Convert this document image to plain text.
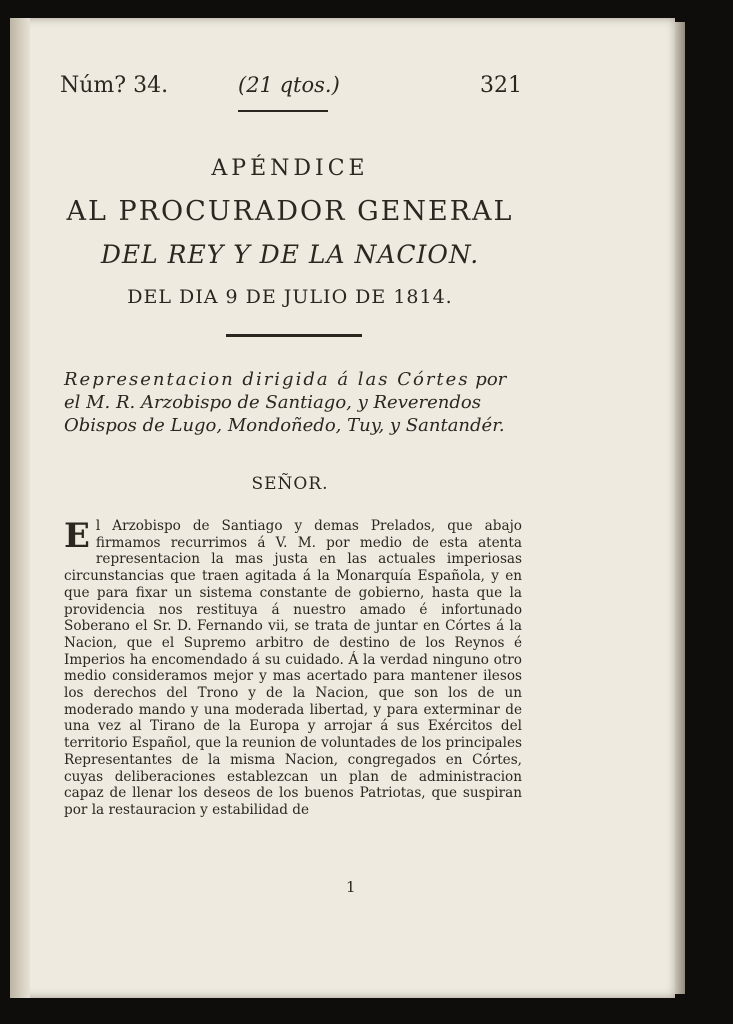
Núm? 34.	(21 qtos.)	321
APÉNDICE
AL PROCURADOR GENERAL
DEL REY Y DE LA NACION.
DEL DIA 9 DE JULIO DE 1814.
Representacion dirigida á las Córtes por el M. R. Arzobispo de Santiago, y Reverendos Obispos de Lugo, Mondoñedo, Tuy, y Santandér.
SEÑOR.
E l Arzobispo de Santiago y demas Prelados, que abajo firmamos recurrimos á V. M. por medio de esta atenta representacion la mas justa en las actuales imperiosas circunstancias que traen agitada á la Monarquía Española, y en que para fixar un sistema constante de gobierno, hasta que la providencia nos restituya á nuestro amado é infortunado Soberano el Sr. D. Fernando vii, se trata de juntar en Córtes á la Nacion, que el Supremo arbitro de destino de los Reynos é Imperios ha encomendado á su cuidado. Á la verdad ninguno otro medio consideramos mejor y mas acertado para mantener ilesos los derechos del Trono y de la Nacion, que son los de un moderado mando y una moderada libertad, y para exterminar de una vez al Tirano de la Europa y arrojar á sus Exércitos del territorio Español, que la reunion de voluntades de los principales Representantes de la misma Nacion, congregados en Córtes, cuyas deliberaciones establezcan un plan de administracion capaz de llenar los deseos de los buenos Patriotas, que suspiran por la restauracion y estabilidad de

1
